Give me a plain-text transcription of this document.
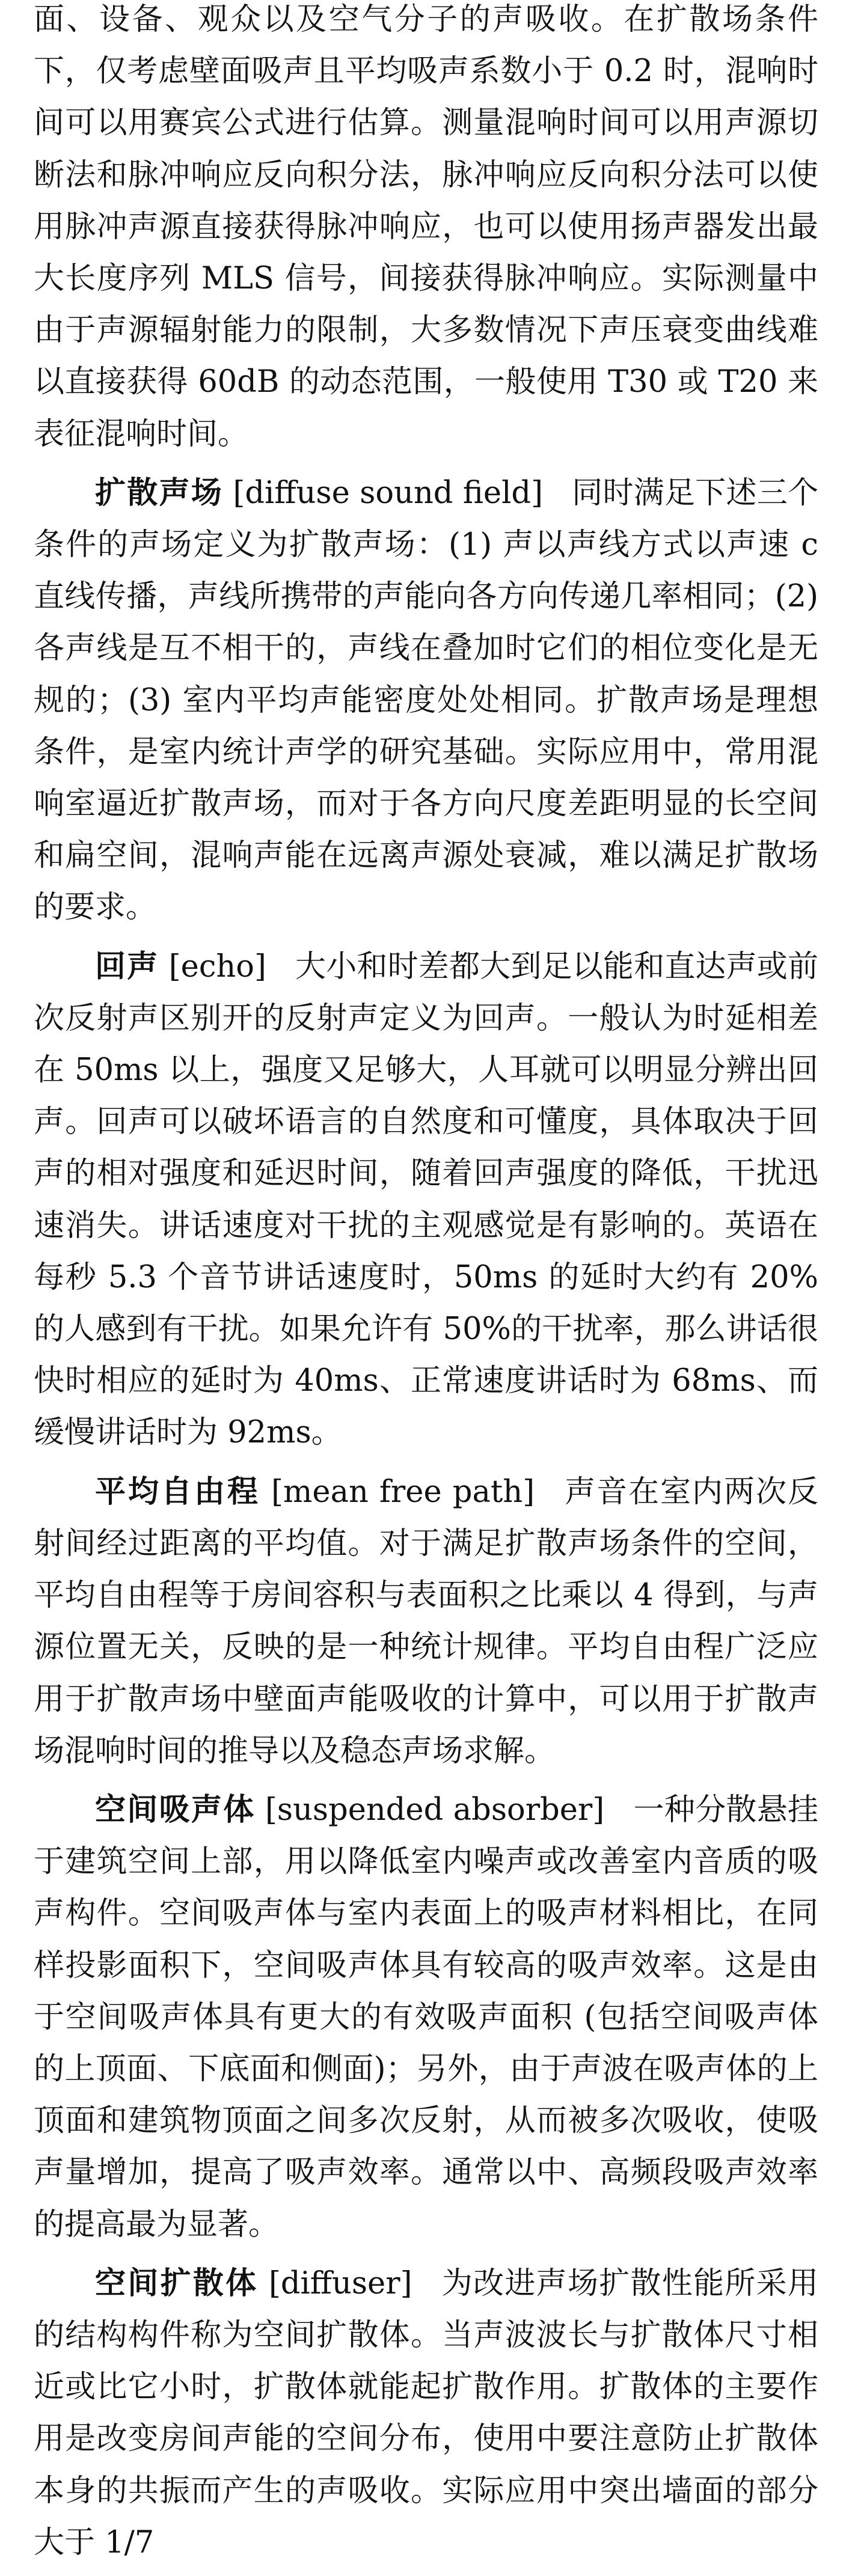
面、设备、观众以及空气分子的声吸收。在扩散场条件下，仅考虑壁面吸声且平均吸声系数小于 0.2 时，混响时间可以用赛宾公式进行估算。测量混响时间可以用声源切断法和脉冲响应反向积分法，脉冲响应反向积分法可以使用脉冲声源直接获得脉冲响应，也可以使用扬声器发出最大长度序列 MLS 信号，间接获得脉冲响应。实际测量中由于声源辐射能力的限制，大多数情况下声压衰变曲线难以直接获得 60dB 的动态范围，一般使用 T30 或 T20 来表征混响时间。

扩散声场 [diffuse sound field] 同时满足下述三个条件的声场定义为扩散声场：(1) 声以声线方式以声速 c 直线传播，声线所携带的声能向各方向传递几率相同；(2) 各声线是互不相干的，声线在叠加时它们的相位变化是无规的；(3) 室内平均声能密度处处相同。扩散声场是理想条件，是室内统计声学的研究基础。实际应用中，常用混响室逼近扩散声场，而对于各方向尺度差距明显的长空间和扁空间，混响声能在远离声源处衰减，难以满足扩散场的要求。

回声 [echo] 大小和时差都大到足以能和直达声或前次反射声区别开的反射声定义为回声。一般认为时延相差在 50ms 以上，强度又足够大，人耳就可以明显分辨出回声。回声可以破坏语言的自然度和可懂度，具体取决于回声的相对强度和延迟时间，随着回声强度的降低，干扰迅速消失。讲话速度对干扰的主观感觉是有影响的。英语在每秒 5.3 个音节讲话速度时，50ms 的延时大约有 20%的人感到有干扰。如果允许有 50%的干扰率，那么讲话很快时相应的延时为 40ms、正常速度讲话时为 68ms、而缓慢讲话时为 92ms。

平均自由程 [mean free path] 声音在室内两次反射间经过距离的平均值。对于满足扩散声场条件的空间，平均自由程等于房间容积与表面积之比乘以 4 得到，与声源位置无关，反映的是一种统计规律。平均自由程广泛应用于扩散声场中壁面声能吸收的计算中，可以用于扩散声场混响时间的推导以及稳态声场求解。

空间吸声体 [suspended absorber] 一种分散悬挂于建筑空间上部，用以降低室内噪声或改善室内音质的吸声构件。空间吸声体与室内表面上的吸声材料相比，在同样投影面积下，空间吸声体具有较高的吸声效率。这是由于空间吸声体具有更大的有效吸声面积 (包括空间吸声体的上顶面、下底面和侧面)；另外，由于声波在吸声体的上顶面和建筑物顶面之间多次反射，从而被多次吸收，使吸声量增加，提高了吸声效率。通常以中、高频段吸声效率的提高最为显著。

空间扩散体 [diffuser] 为改进声场扩散性能所采用的结构构件称为空间扩散体。当声波波长与扩散体尺寸相近或比它小时，扩散体就能起扩散作用。扩散体的主要作用是改变房间声能的空间分布，使用中要注意防止扩散体本身的共振而产生的声吸收。实际应用中突出墙面的部分大于 1/7
